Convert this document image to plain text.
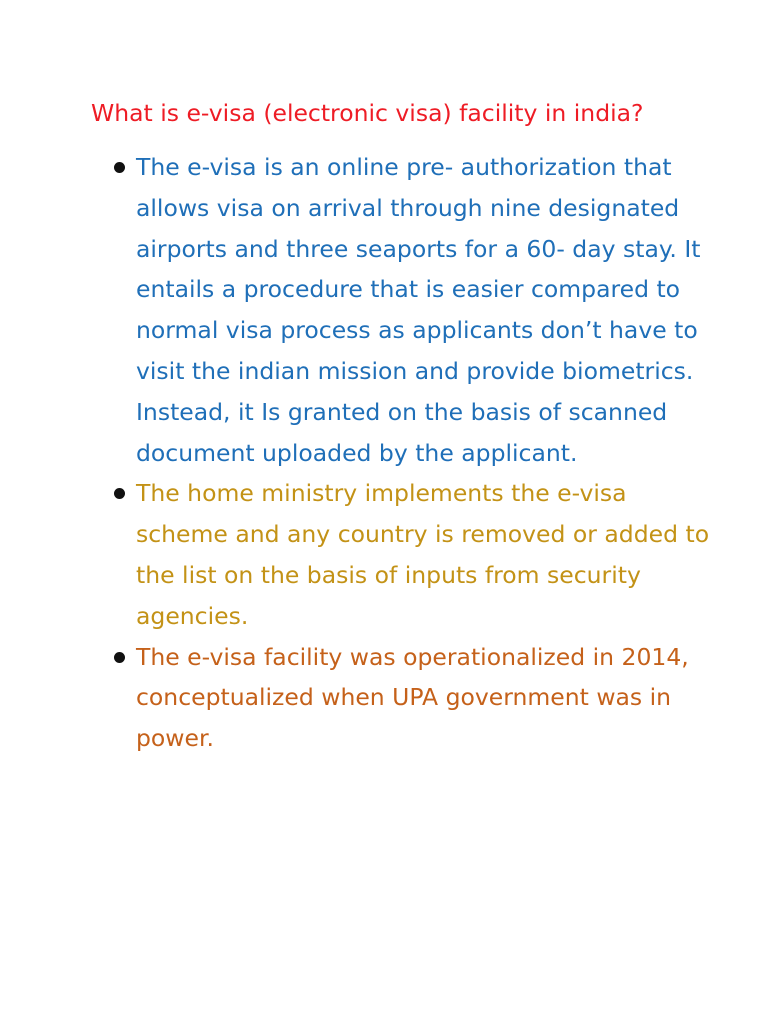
What is e-visa (electronic visa) facility in india?
The e-visa is an online pre- authorization that allows visa on arrival through nine designated airports and three seaports for a 60- day stay. It entails a procedure that is easier compared to normal visa process as applicants don’t have to visit the indian mission and provide biometrics. Instead, it Is granted on the basis of scanned document uploaded by the applicant.
The home ministry implements the e-visa scheme and any country is removed or added to the list on the basis of inputs from security agencies.
The e-visa facility was operationalized in 2014, conceptualized when UPA government was in power.
